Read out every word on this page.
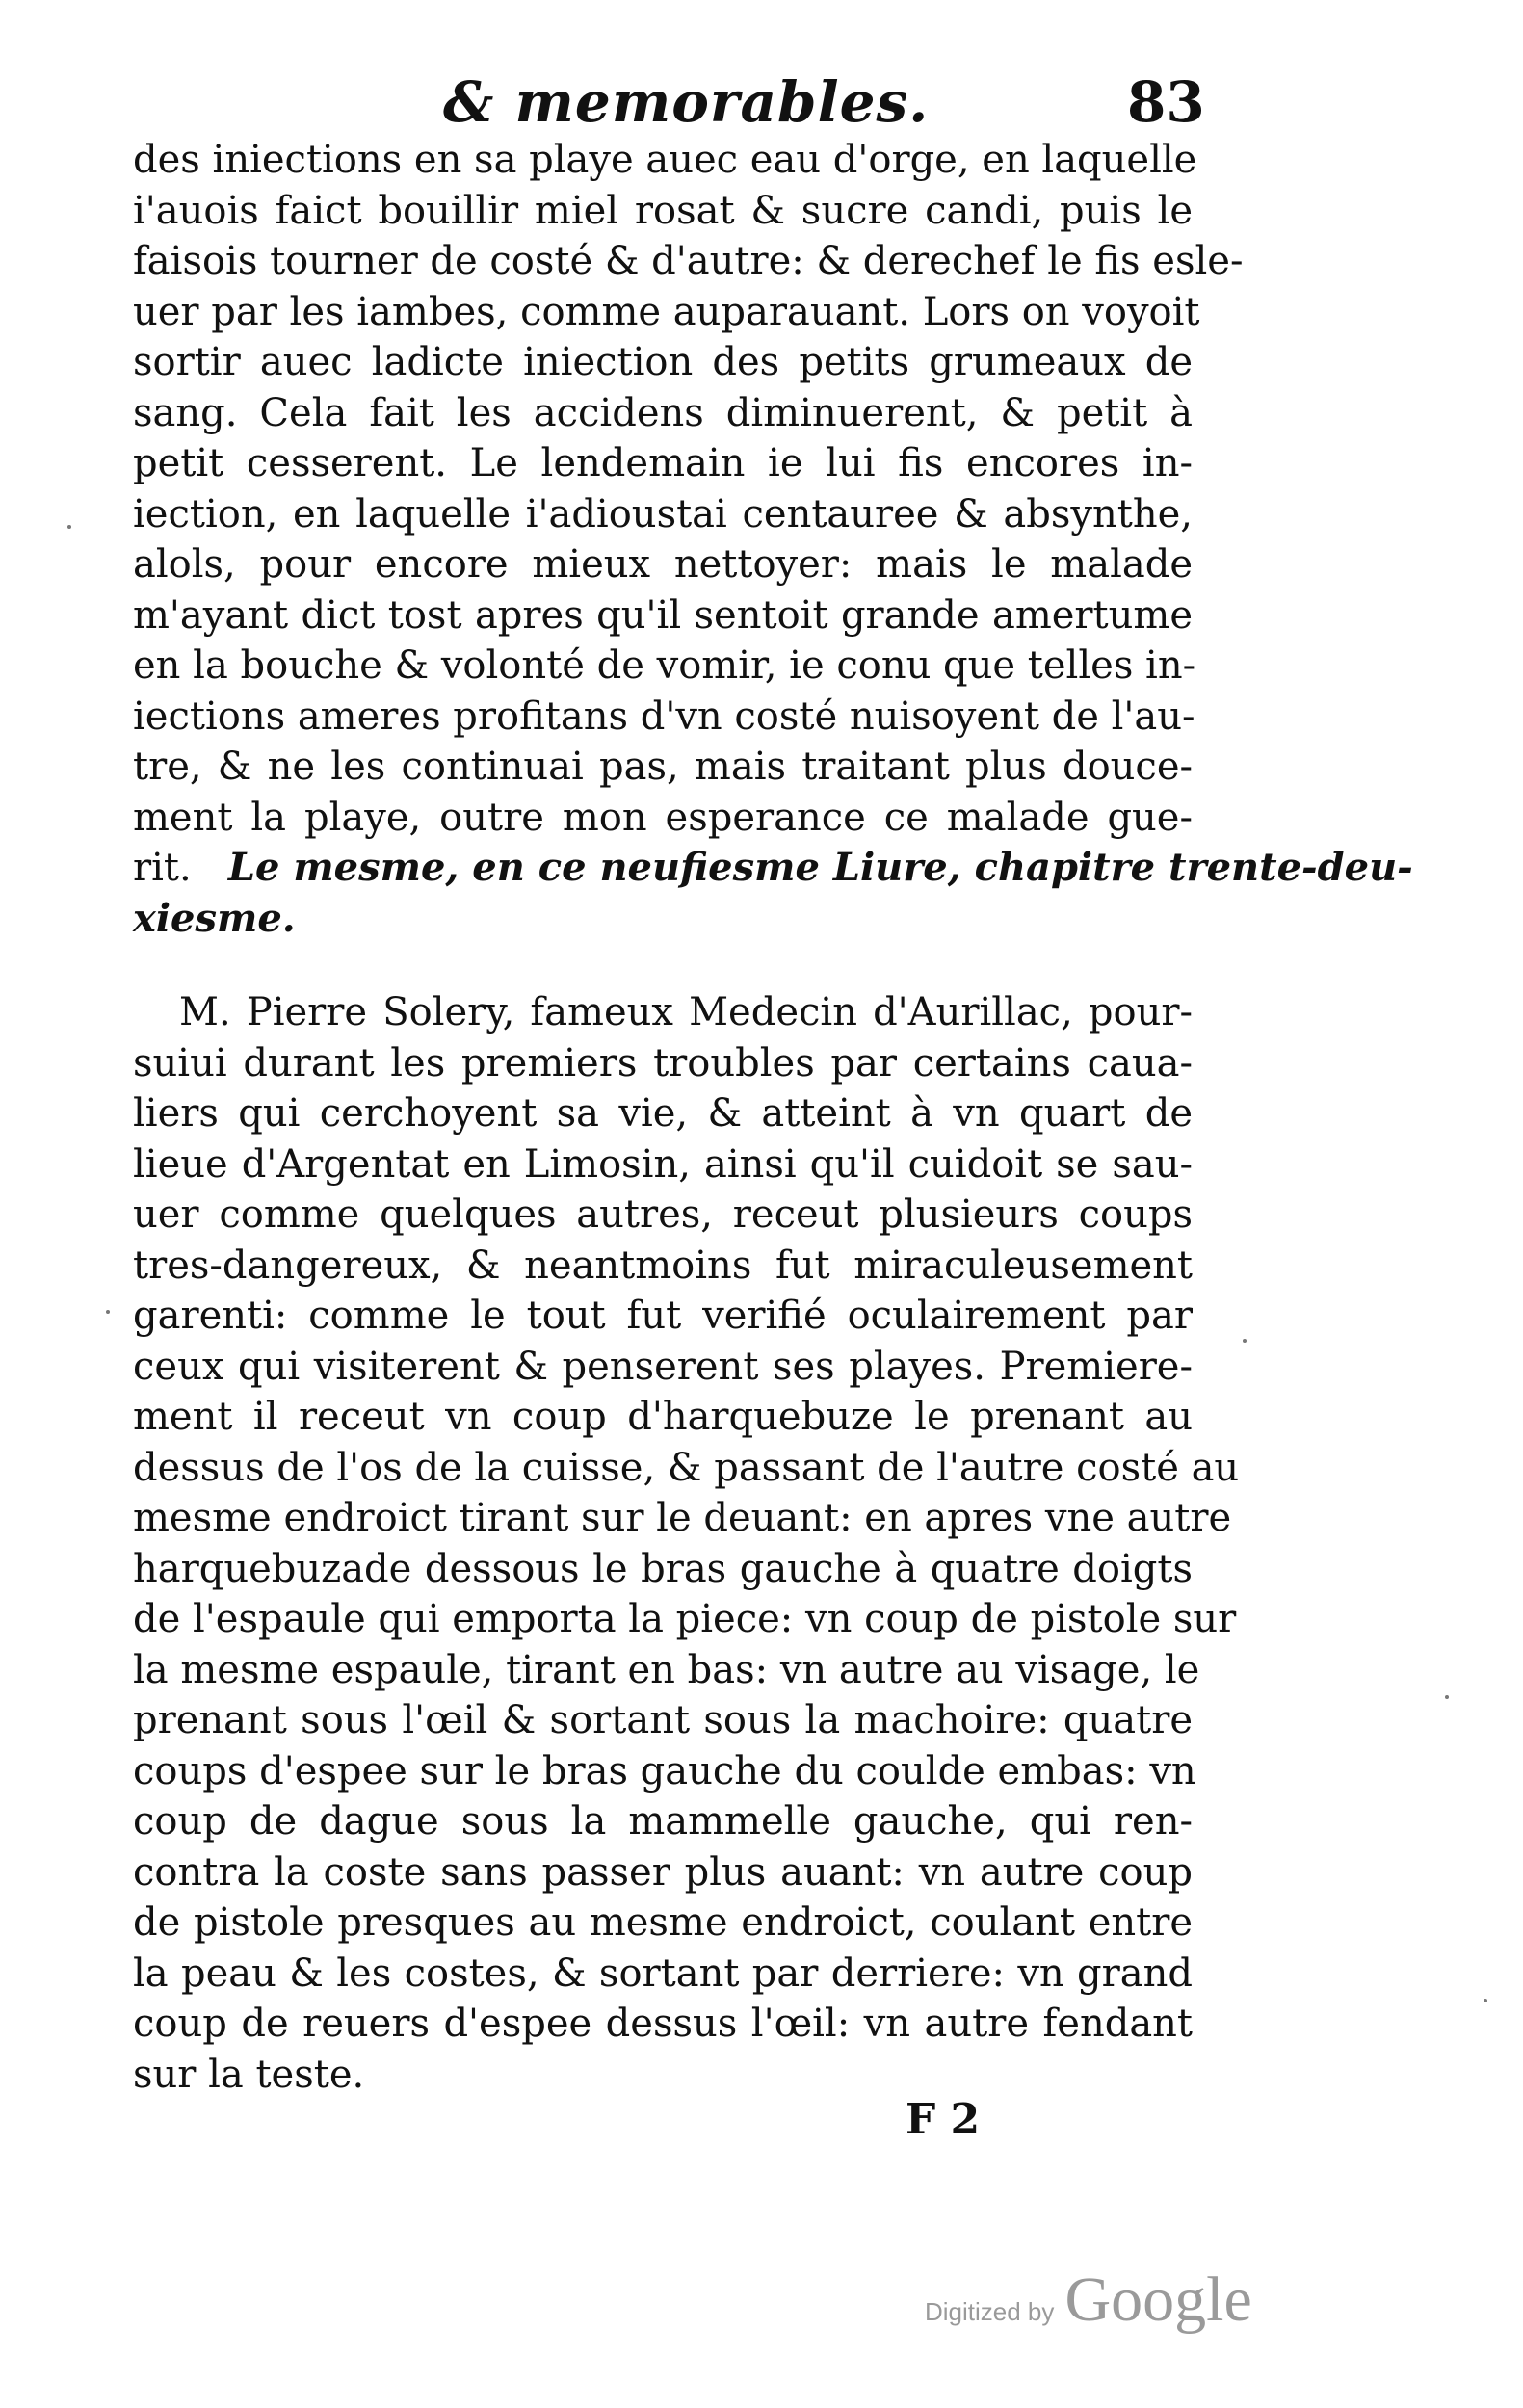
& memorables.	83
des iniections en sa playe auec eau d'orge, en laquelle
i'auois faict bouillir miel rosat & sucre candi, puis le
faisois tourner de costé & d'autre: & derechef le fis esle-
uer par les iambes, comme auparauant. Lors on voyoit
sortir auec ladicte iniection des petits grumeaux de
sang. Cela fait les accidens diminuerent, & petit à
petit cesserent. Le lendemain ie lui fis encores in-
iection, en laquelle i'adioustai centauree & absynthe,
alols, pour encore mieux nettoyer: mais le malade
m'ayant dict tost apres qu'il sentoit grande amertume
en la bouche & volonté de vomir, ie conu que telles in-
iections ameres profitans d'vn costé nuisoyent de l'au-
tre, & ne les continuai pas, mais traitant plus douce-
ment la playe, outre mon esperance ce malade gue-
rit. Le mesme, en ce neufiesme Liure, chapitre trente-deu-
xiesme.
M. Pierre Solery, fameux Medecin d'Aurillac, pour-
suiui durant les premiers troubles par certains caua-
liers qui cerchoyent sa vie, & atteint à vn quart de
lieue d'Argentat en Limosin, ainsi qu'il cuidoit se sau-
uer comme quelques autres, receut plusieurs coups
tres-dangereux, & neantmoins fut miraculeusement
garenti: comme le tout fut verifié oculairement par
ceux qui visiterent & penserent ses playes. Premiere-
ment il receut vn coup d'harquebuze le prenant au
dessus de l'os de la cuisse, & passant de l'autre costé au
mesme endroict tirant sur le deuant: en apres vne autre
harquebuzade dessous le bras gauche à quatre doigts
de l'espaule qui emporta la piece: vn coup de pistole sur
la mesme espaule, tirant en bas: vn autre au visage, le
prenant sous l'œil & sortant sous la machoire: quatre
coups d'espee sur le bras gauche du coulde embas: vn
coup de dague sous la mammelle gauche, qui ren-
contra la coste sans passer plus auant: vn autre coup
de pistole presques au mesme endroict, coulant entre
la peau & les costes, & sortant par derriere: vn grand
coup de reuers d'espee dessus l'œil: vn autre fendant
sur la teste.
F 2
Digitized by Google
